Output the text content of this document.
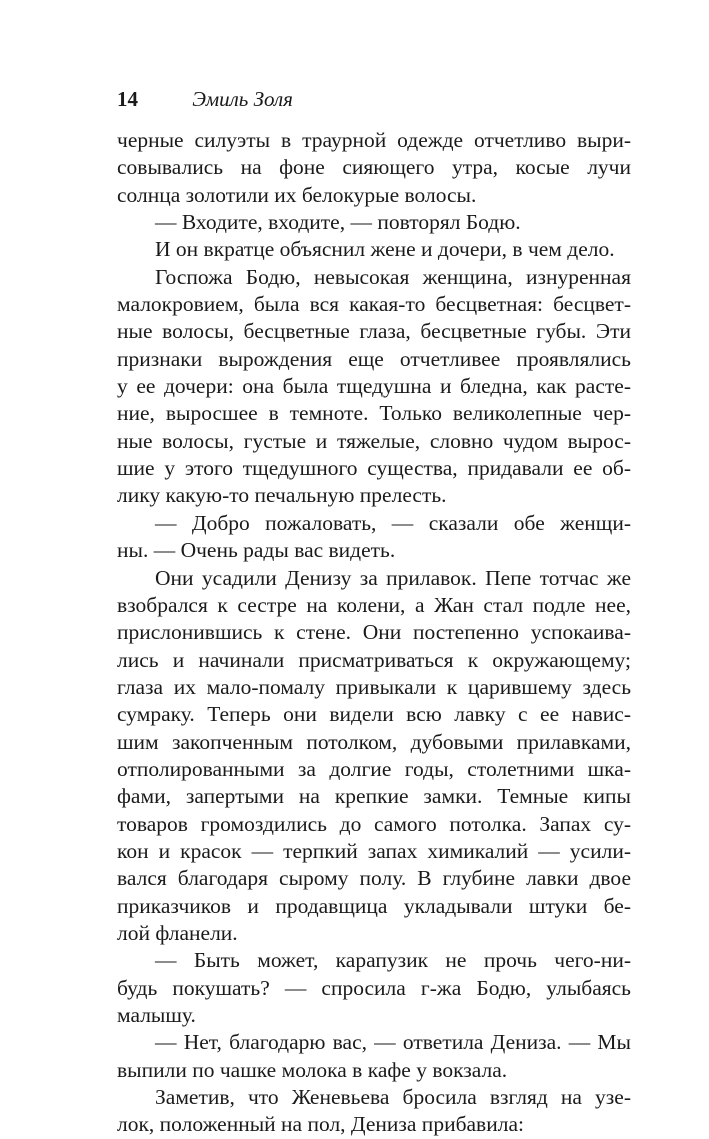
14	Эмиль Золя
черные силуэты в траурной одежде отчетливо выри-
совывались на фоне сияющего утра, косые лучи
солнца золотили их белокурые волосы.
— Входите, входите, — повторял Бодю.
И он вкратце объяснил жене и дочери, в чем дело.
Госпожа Бодю, невысокая женщина, изнуренная
малокровием, была вся какая-то бесцветная: бесцвет-
ные волосы, бесцветные глаза, бесцветные губы. Эти
признаки вырождения еще отчетливее проявлялись
у ее дочери: она была тщедушна и бледна, как расте-
ние, выросшее в темноте. Только великолепные чер-
ные волосы, густые и тяжелые, словно чудом вырос-
шие у этого тщедушного существа, придавали ее об-
лику какую-то печальную прелесть.
— Добро пожаловать, — сказали обе женщи-
ны. — Очень рады вас видеть.
Они усадили Денизу за прилавок. Пепе тотчас же
взобрался к сестре на колени, а Жан стал подле нее,
прислонившись к стене. Они постепенно успокаива-
лись и начинали присматриваться к окружающему;
глаза их мало-помалу привыкали к царившему здесь
сумраку. Теперь они видели всю лавку с ее навис-
шим закопченным потолком, дубовыми прилавками,
отполированными за долгие годы, столетними шка-
фами, запертыми на крепкие замки. Темные кипы
товаров громоздились до самого потолка. Запах су-
кон и красок — терпкий запах химикалий — усили-
вался благодаря сырому полу. В глубине лавки двое
приказчиков и продавщица укладывали штуки бе-
лой фланели.
— Быть может, карапузик не прочь чего-ни-
будь покушать? — спросила г-жа Бодю, улыбаясь
малышу.
— Нет, благодарю вас, — ответила Дениза. — Мы
выпили по чашке молока в кафе у вокзала.
Заметив, что Женевьева бросила взгляд на узе-
лок, положенный на пол, Дениза прибавила:
